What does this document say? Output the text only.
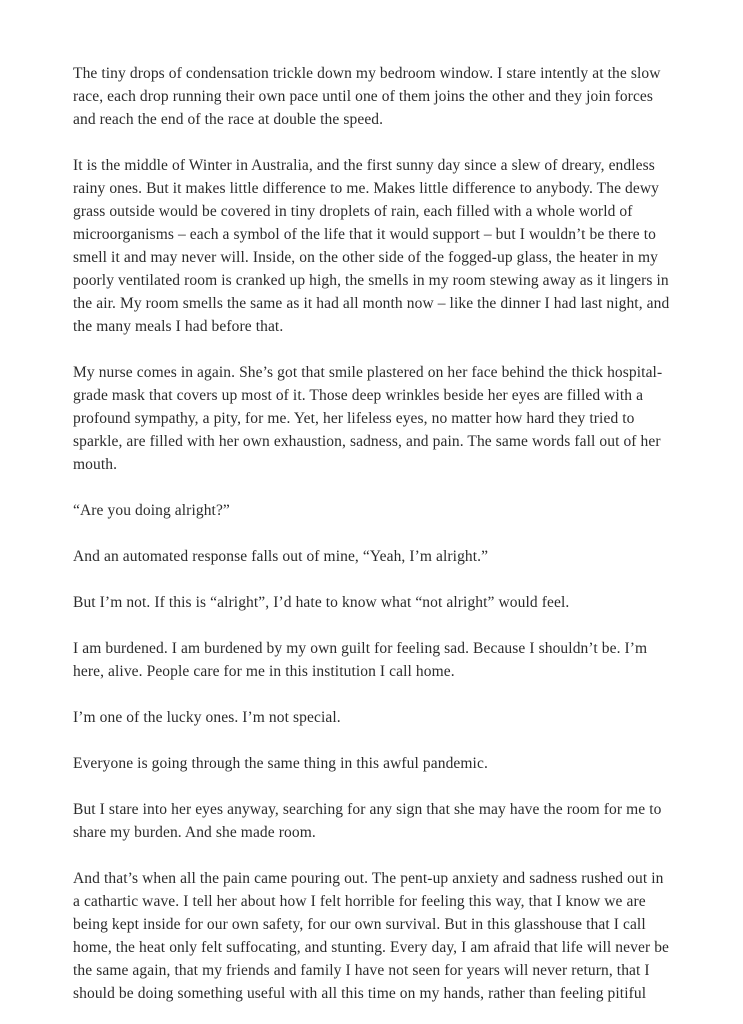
The tiny drops of condensation trickle down my bedroom window. I stare intently at the slow race, each drop running their own pace until one of them joins the other and they join forces and reach the end of the race at double the speed.

It is the middle of Winter in Australia, and the first sunny day since a slew of dreary, endless rainy ones. But it makes little difference to me. Makes little difference to anybody. The dewy grass outside would be covered in tiny droplets of rain, each filled with a whole world of microorganisms – each a symbol of the life that it would support – but I wouldn’t be there to smell it and may never will. Inside, on the other side of the fogged-up glass, the heater in my poorly ventilated room is cranked up high, the smells in my room stewing away as it lingers in the air. My room smells the same as it had all month now – like the dinner I had last night, and the many meals I had before that.

My nurse comes in again. She’s got that smile plastered on her face behind the thick hospital-grade mask that covers up most of it. Those deep wrinkles beside her eyes are filled with a profound sympathy, a pity, for me. Yet, her lifeless eyes, no matter how hard they tried to sparkle, are filled with her own exhaustion, sadness, and pain. The same words fall out of her mouth.

“Are you doing alright?”

And an automated response falls out of mine, “Yeah, I’m alright.”

But I’m not. If this is “alright”, I’d hate to know what “not alright” would feel.

I am burdened. I am burdened by my own guilt for feeling sad. Because I shouldn’t be. I’m here, alive. People care for me in this institution I call home.

I’m one of the lucky ones. I’m not special.

Everyone is going through the same thing in this awful pandemic.

But I stare into her eyes anyway, searching for any sign that she may have the room for me to share my burden. And she made room.

And that’s when all the pain came pouring out. The pent-up anxiety and sadness rushed out in a cathartic wave. I tell her about how I felt horrible for feeling this way, that I know we are being kept inside for our own safety, for our own survival. But in this glasshouse that I call home, the heat only felt suffocating, and stunting. Every day, I am afraid that life will never be the same again, that my friends and family I have not seen for years will never return, that I should be doing something useful with all this time on my hands, rather than feeling pitiful
